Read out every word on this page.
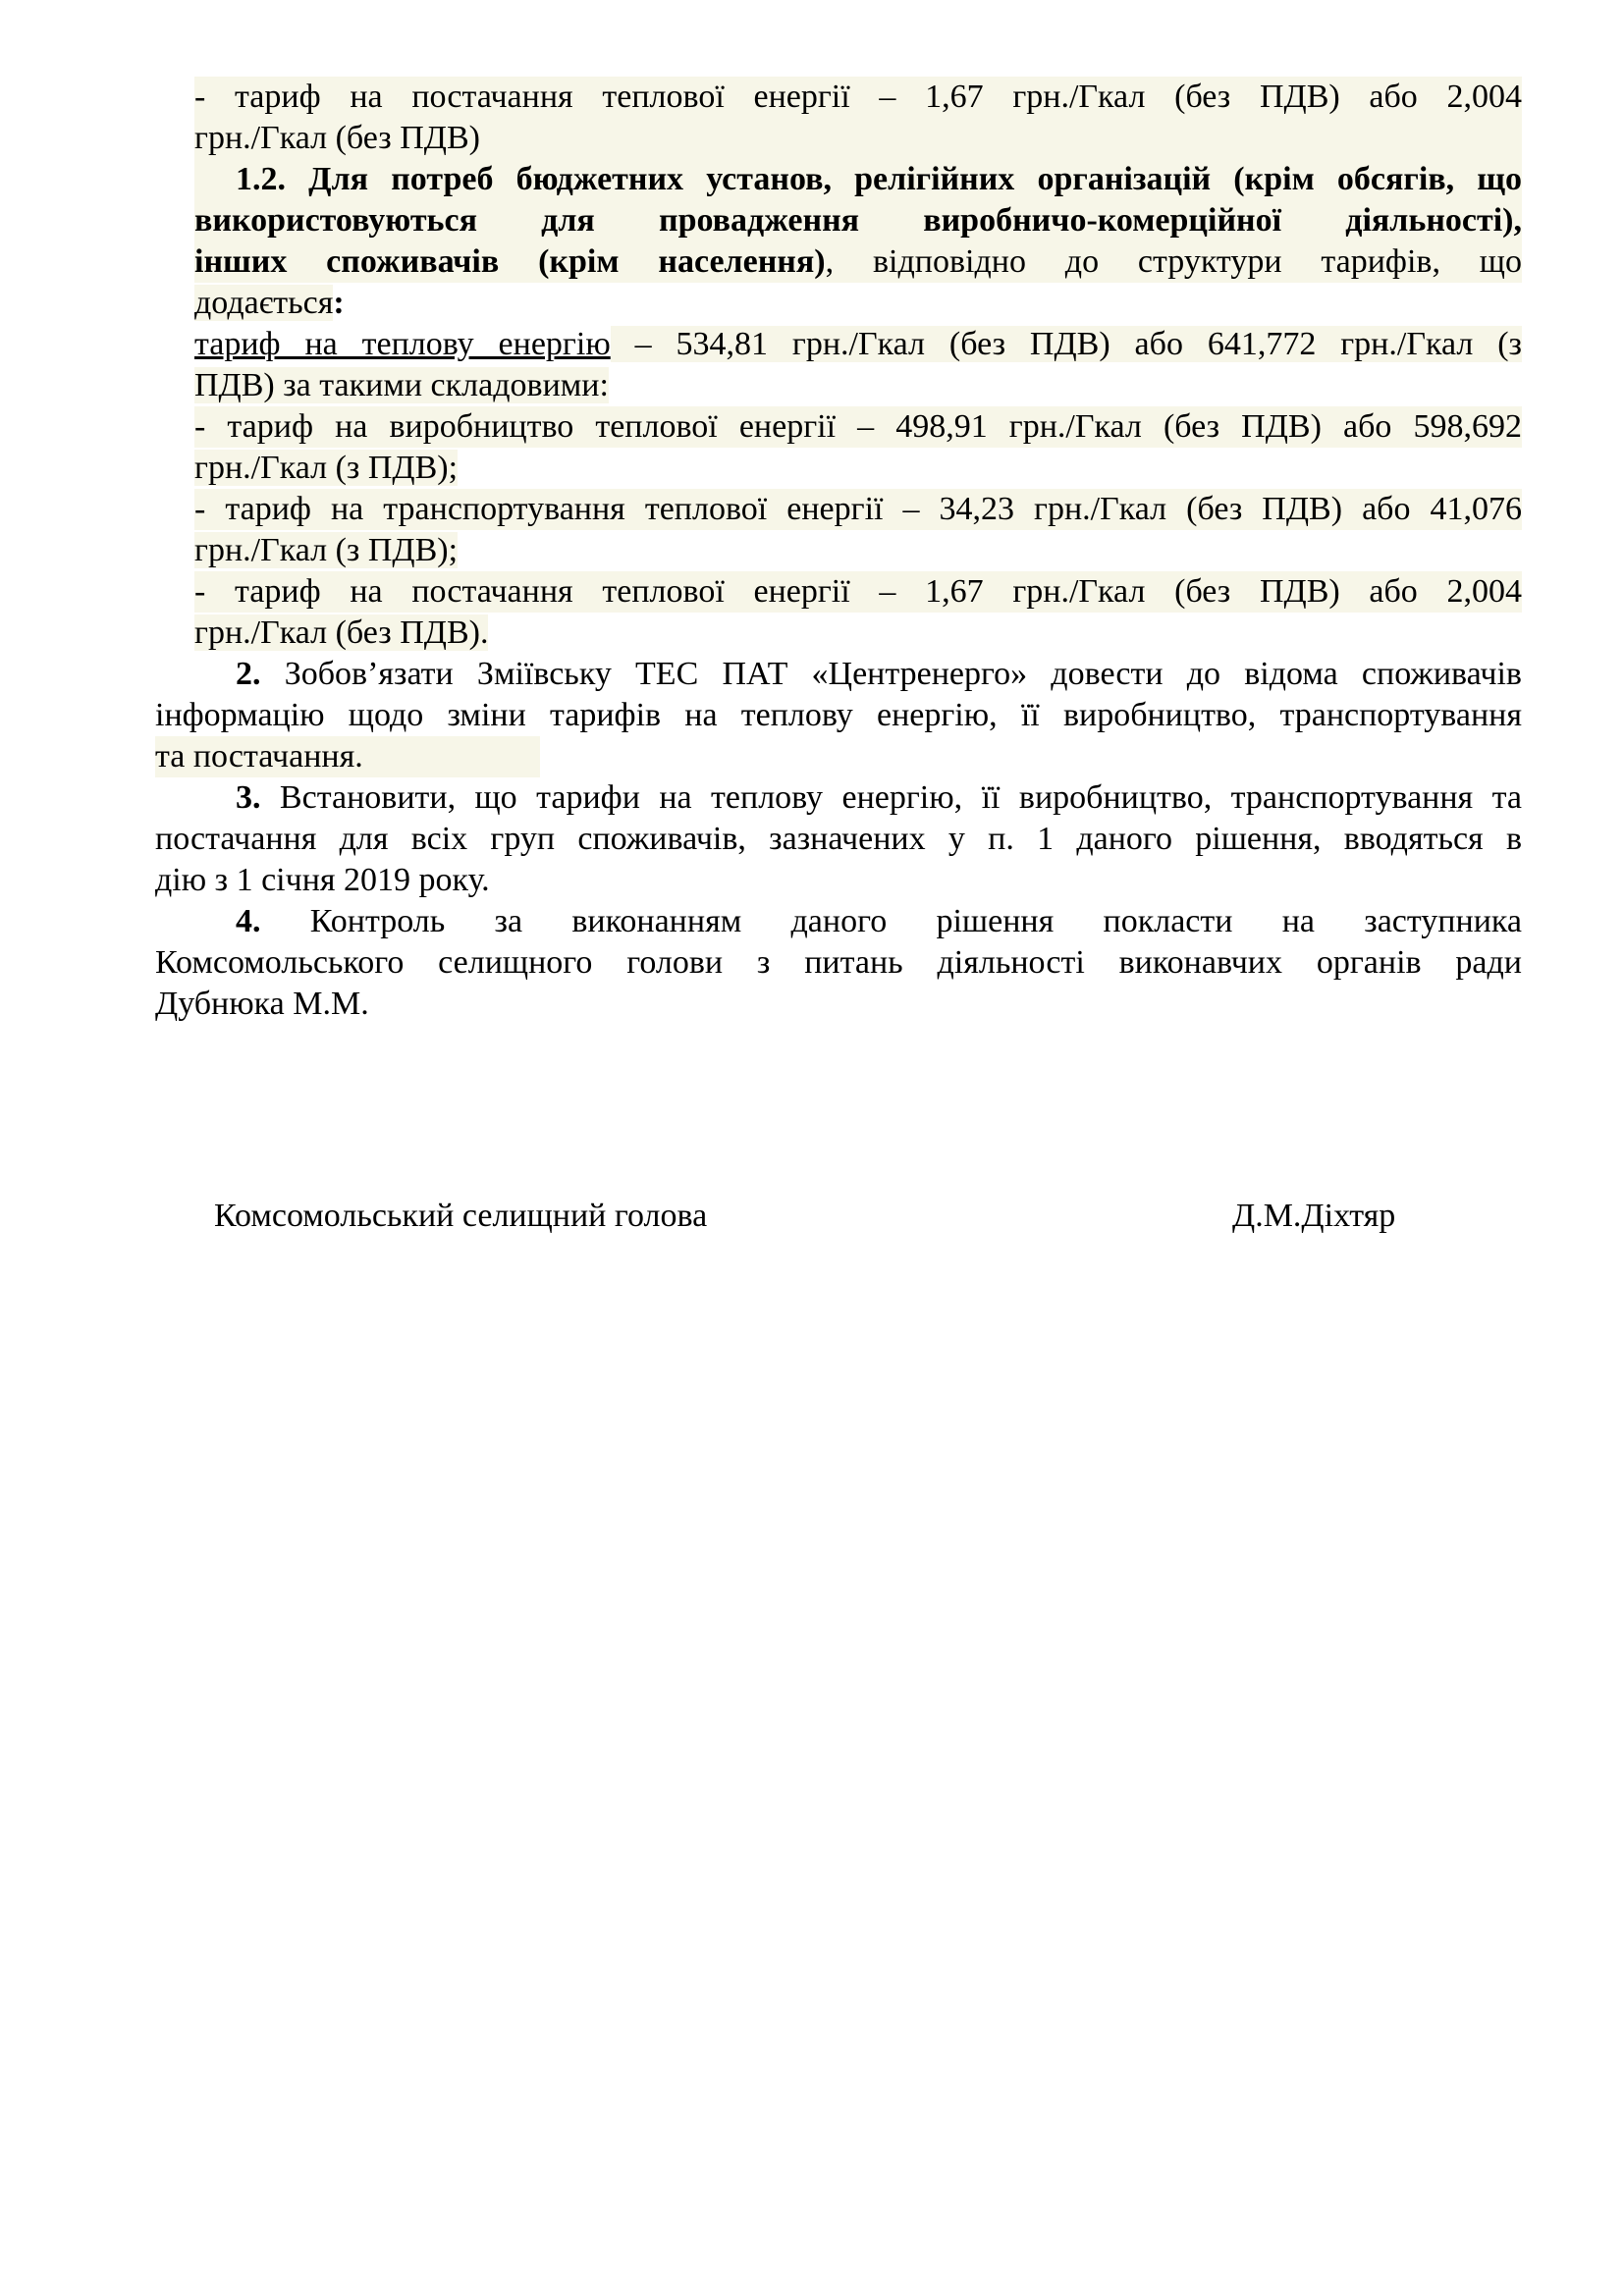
- тариф на постачання теплової енергії – 1,67 грн./Гкал (без ПДВ) або 2,004
грн./Гкал (без ПДВ)
1.2. Для потреб бюджетних установ, релігійних організацій (крім обсягів, що
використовуються для провадження виробничо-комерційної діяльності),
інших споживачів (крім населення), відповідно до структури тарифів, що
додається:
тариф на теплову енергію – 534,81 грн./Гкал (без ПДВ) або 641,772 грн./Гкал (з
ПДВ) за такими складовими:
- тариф на виробництво теплової енергії – 498,91 грн./Гкал (без ПДВ) або 598,692
грн./Гкал (з ПДВ);
- тариф на транспортування теплової енергії – 34,23 грн./Гкал (без ПДВ) або 41,076
грн./Гкал (з ПДВ);
- тариф на постачання теплової енергії – 1,67 грн./Гкал (без ПДВ) або 2,004
грн./Гкал (без ПДВ).
2. Зобов’язати Зміївську ТЕС ПАТ «Центренерго» довести до відома споживачів
інформацію щодо зміни тарифів на теплову енергію, її виробництво, транспортування
та постачання.
3. Встановити, що тарифи на теплову енергію, її виробництво, транспортування та
постачання для всіх груп споживачів, зазначених у п. 1 даного рішення, вводяться в
дію з 1 січня 2019 року.
4. Контроль за виконанням даного рішення покласти на заступника
Комсомольського селищного голови з питань діяльності виконавчих органів ради
Дубнюка М.М.
Комсомольський селищний голова	Д.М.Діхтяр
